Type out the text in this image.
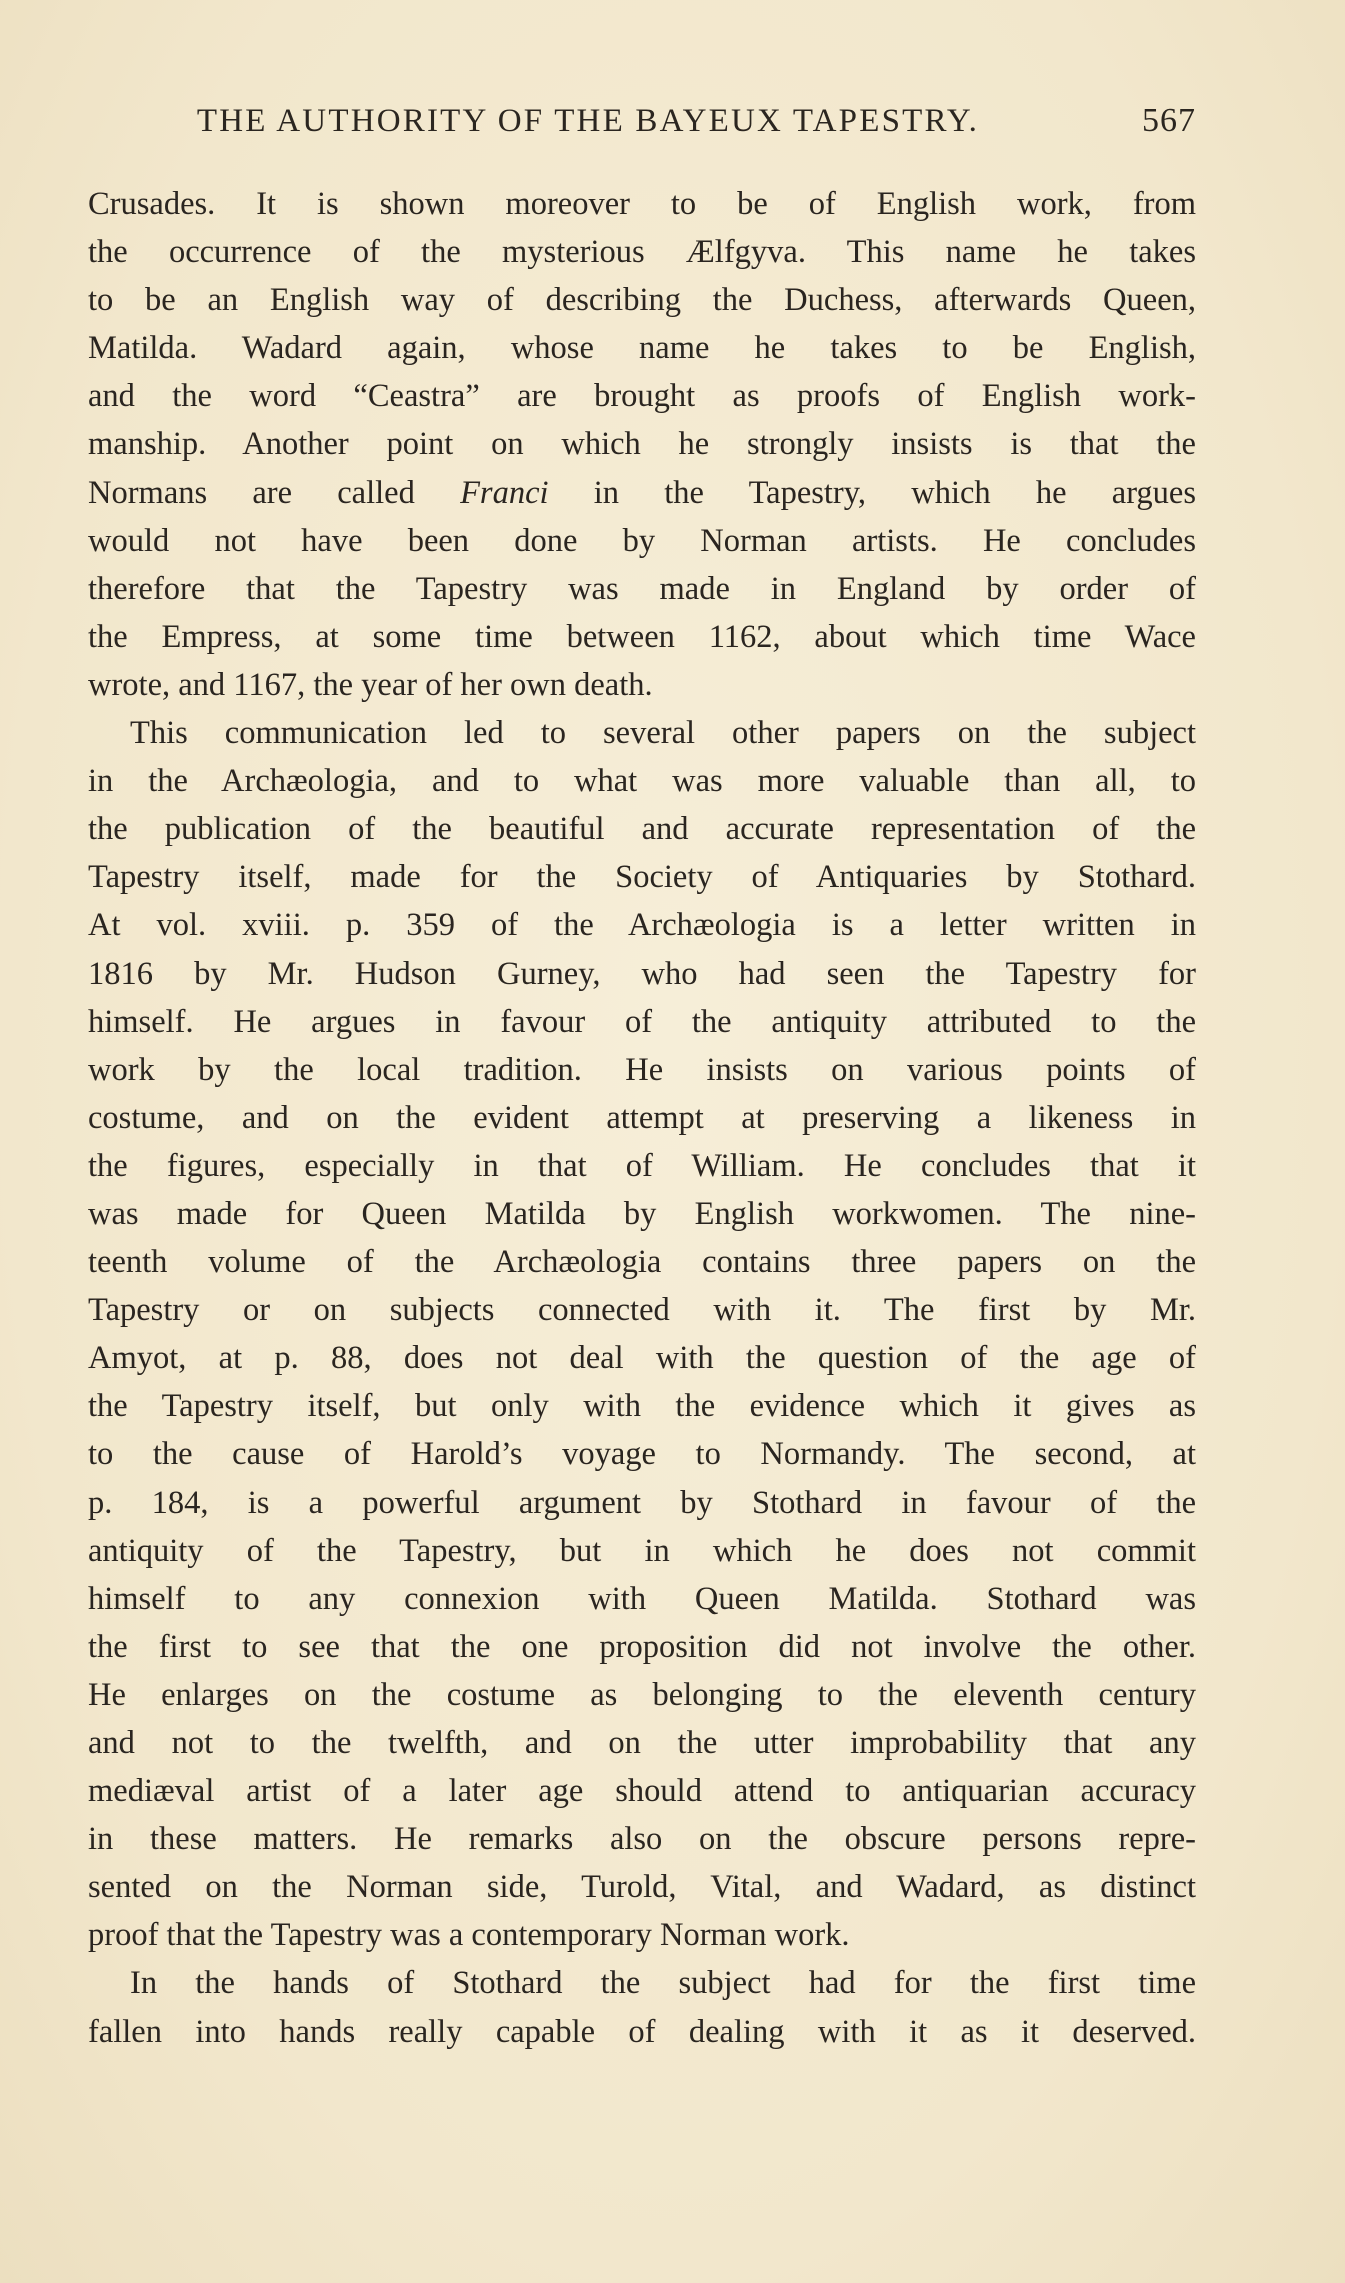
THE AUTHORITY OF THE BAYEUX TAPESTRY.	567
Crusades. It is shown moreover to be of English work, from
the occurrence of the mysterious Ælfgyva. This name he takes
to be an English way of describing the Duchess, afterwards Queen,
Matilda. Wadard again, whose name he takes to be English,
and the word “Ceastra” are brought as proofs of English work-
manship. Another point on which he strongly insists is that the
Normans are called Franci in the Tapestry, which he argues
would not have been done by Norman artists. He concludes
therefore that the Tapestry was made in England by order of
the Empress, at some time between 1162, about which time Wace
wrote, and 1167, the year of her own death.
This communication led to several other papers on the subject
in the Archæologia, and to what was more valuable than all, to
the publication of the beautiful and accurate representation of the
Tapestry itself, made for the Society of Antiquaries by Stothard.
At vol. xviii. p. 359 of the Archæologia is a letter written in
1816 by Mr. Hudson Gurney, who had seen the Tapestry for
himself. He argues in favour of the antiquity attributed to the
work by the local tradition. He insists on various points of
costume, and on the evident attempt at preserving a likeness in
the figures, especially in that of William. He concludes that it
was made for Queen Matilda by English workwomen. The nine-
teenth volume of the Archæologia contains three papers on the
Tapestry or on subjects connected with it. The first by Mr.
Amyot, at p. 88, does not deal with the question of the age of
the Tapestry itself, but only with the evidence which it gives as
to the cause of Harold’s voyage to Normandy. The second, at
p. 184, is a powerful argument by Stothard in favour of the
antiquity of the Tapestry, but in which he does not commit
himself to any connexion with Queen Matilda. Stothard was
the first to see that the one proposition did not involve the other.
He enlarges on the costume as belonging to the eleventh century
and not to the twelfth, and on the utter improbability that any
mediæval artist of a later age should attend to antiquarian accuracy
in these matters. He remarks also on the obscure persons repre-
sented on the Norman side, Turold, Vital, and Wadard, as distinct
proof that the Tapestry was a contemporary Norman work.
In the hands of Stothard the subject had for the first time
fallen into hands really capable of dealing with it as it deserved.
